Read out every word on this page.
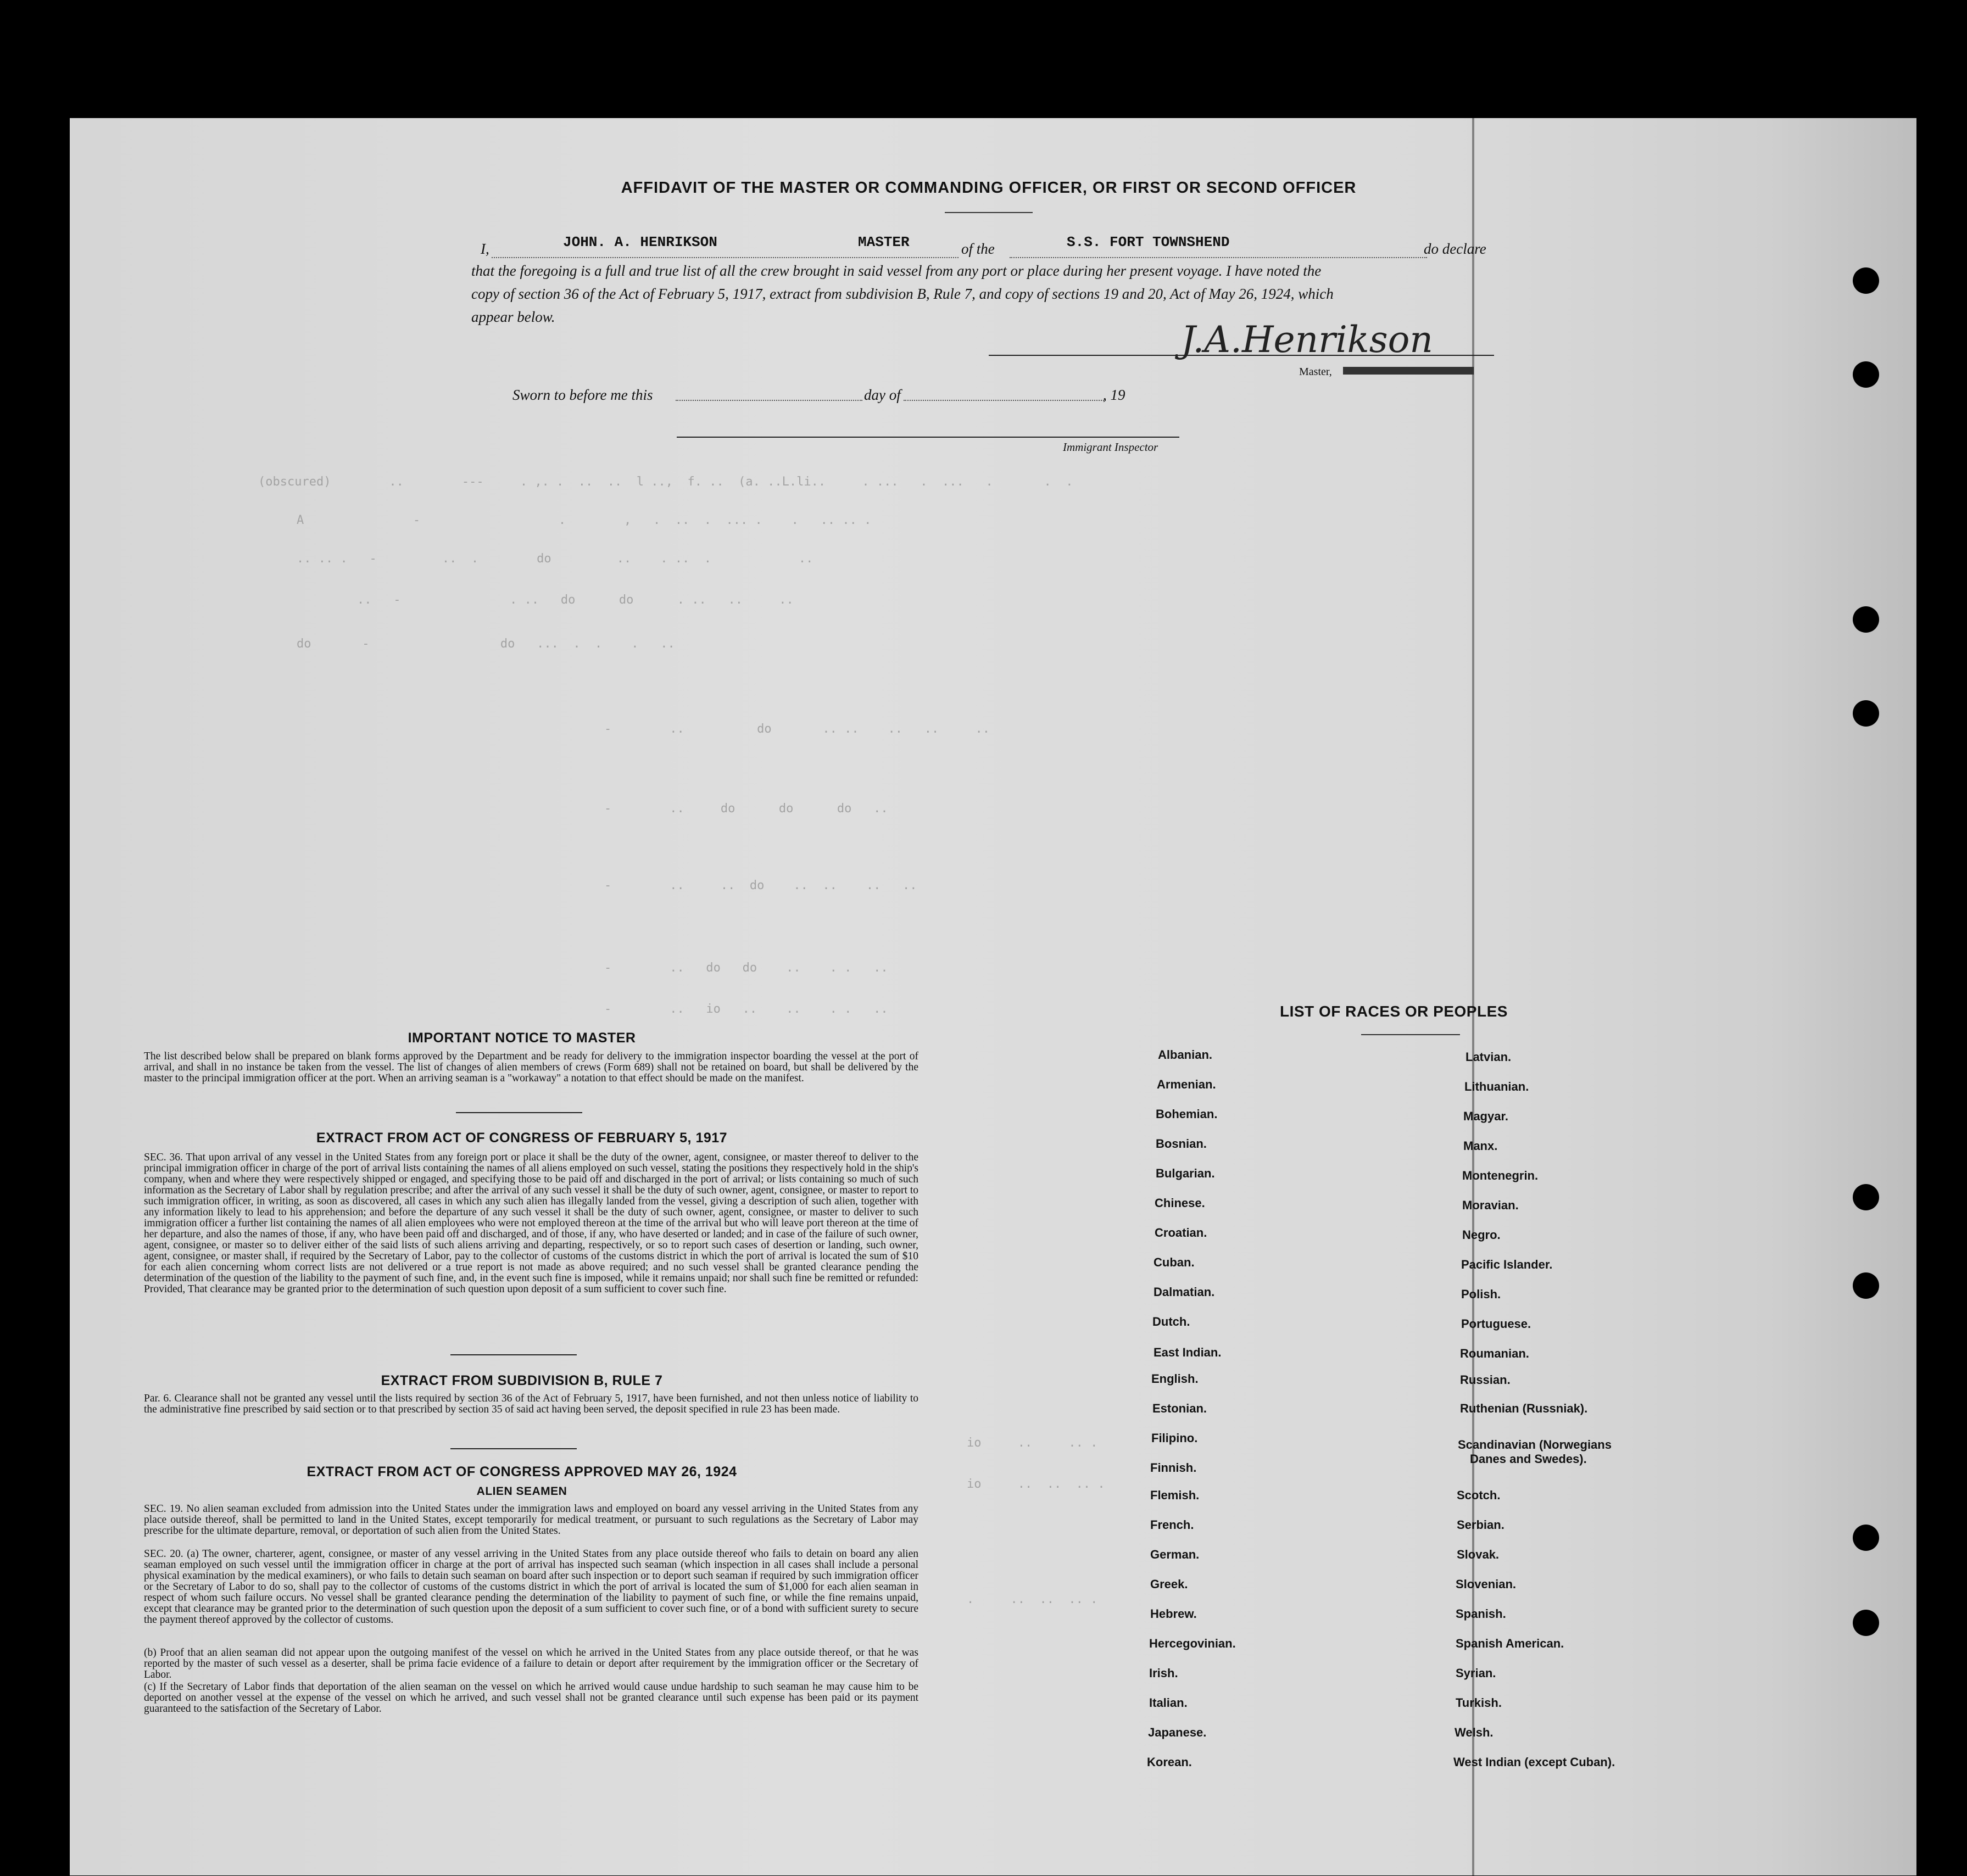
AFFIDAVIT OF THE MASTER OR COMMANDING OFFICER, OR FIRST OR SECOND OFFICER
I,	JOHN. A. HENRIKSON	MASTER	of the	S.S. FORT TOWNSHEND	do declare
that the foregoing is a full and true list of all the crew brought in said vessel from any port or place during her present voyage. I have noted the
copy of section 36 of the Act of February 5, 1917, extract from subdivision B, Rule 7, and copy of sections 19 and 20, Act of May 26, 1924, which
appear below.
J.A.Henrikson
Master,
Sworn to before me this	day of	, 19
Immigrant Inspector
(obscured)        ..        ---     . ,. .  ..  ..  l ..,  f. ..  (a. ..L.li..     . ...   .  ...   .       .  .
A               -                   .        ,   .  ..  .  ... .    .   .. .. .
.. .. .   -         ..  .        do         ..    . ..  .            ..
..   -               . ..   do      do      . ..   ..     ..
do       -                  do   ...  .  .    .   ..
-        ..          do       .. ..    ..   ..     ..
-        ..     do      do      do   ..
-        ..     ..  do    ..  ..    ..   ..
-        ..   do   do    ..    . .   ..
-        ..   io   ..    ..    . .   ..
io     ..     .. .
io     ..  ..  .. .
.     ..  ..  .. .
IMPORTANT NOTICE TO MASTER
The list described below shall be prepared on blank forms approved by the Department and be ready for delivery to the immigration inspector boarding the vessel at the port of arrival, and shall in no instance be taken from the vessel. The list of changes of alien members of crews (Form 689) shall not be retained on board, but shall be delivered by the master to the principal immigration officer at the port. When an arriving seaman is a "workaway" a notation to that effect should be made on the manifest.
EXTRACT FROM ACT OF CONGRESS OF FEBRUARY 5, 1917
SEC. 36. That upon arrival of any vessel in the United States from any foreign port or place it shall be the duty of the owner, agent, consignee, or master thereof to deliver to the principal immigration officer in charge of the port of arrival lists containing the names of all aliens employed on such vessel, stating the positions they respectively hold in the ship's company, when and where they were respectively shipped or engaged, and specifying those to be paid off and discharged in the port of arrival; or lists containing so much of such information as the Secretary of Labor shall by regulation prescribe; and after the arrival of any such vessel it shall be the duty of such owner, agent, consignee, or master to report to such immigration officer, in writing, as soon as discovered, all cases in which any such alien has illegally landed from the vessel, giving a description of such alien, together with any information likely to lead to his apprehension; and before the departure of any such vessel it shall be the duty of such owner, agent, consignee, or master to deliver to such immigration officer a further list containing the names of all alien employees who were not employed thereon at the time of the arrival but who will leave port thereon at the time of her departure, and also the names of those, if any, who have been paid off and discharged, and of those, if any, who have deserted or landed; and in case of the failure of such owner, agent, consignee, or master so to deliver either of the said lists of such aliens arriving and departing, respectively, or so to report such cases of desertion or landing, such owner, agent, consignee, or master shall, if required by the Secretary of Labor, pay to the collector of customs of the customs district in which the port of arrival is located the sum of $10 for each alien concerning whom correct lists are not delivered or a true report is not made as above required; and no such vessel shall be granted clearance pending the determination of the question of the liability to the payment of such fine, and, in the event such fine is imposed, while it remains unpaid; nor shall such fine be remitted or refunded: Provided, That clearance may be granted prior to the determination of such question upon deposit of a sum sufficient to cover such fine.
EXTRACT FROM SUBDIVISION B, RULE 7
Par. 6. Clearance shall not be granted any vessel until the lists required by section 36 of the Act of February 5, 1917, have been furnished, and not then unless notice of liability to the administrative fine prescribed by said section or to that prescribed by section 35 of said act having been served, the deposit specified in rule 23 has been made.
EXTRACT FROM ACT OF CONGRESS APPROVED MAY 26, 1924
ALIEN SEAMEN
SEC. 19. No alien seaman excluded from admission into the United States under the immigration laws and employed on board any vessel arriving in the United States from any place outside thereof, shall be permitted to land in the United States, except temporarily for medical treatment, or pursuant to such regulations as the Secretary of Labor may prescribe for the ultimate departure, removal, or deportation of such alien from the United States.
SEC. 20. (a) The owner, charterer, agent, consignee, or master of any vessel arriving in the United States from any place outside thereof who fails to detain on board any alien seaman employed on such vessel until the immigration officer in charge at the port of arrival has inspected such seaman (which inspection in all cases shall include a personal physical examination by the medical examiners), or who fails to detain such seaman on board after such inspection or to deport such seaman if required by such immigration officer or the Secretary of Labor to do so, shall pay to the collector of customs of the customs district in which the port of arrival is located the sum of $1,000 for each alien seaman in respect of whom such failure occurs. No vessel shall be granted clearance pending the determination of the liability to payment of such fine, or while the fine remains unpaid, except that clearance may be granted prior to the determination of such question upon the deposit of a sum sufficient to cover such fine, or of a bond with sufficient surety to secure the payment thereof approved by the collector of customs.
(b) Proof that an alien seaman did not appear upon the outgoing manifest of the vessel on which he arrived in the United States from any place outside thereof, or that he was reported by the master of such vessel as a deserter, shall be prima facie evidence of a failure to detain or deport after requirement by the immigration officer or the Secretary of Labor.
(c) If the Secretary of Labor finds that deportation of the alien seaman on the vessel on which he arrived would cause undue hardship to such seaman he may cause him to be deported on another vessel at the expense of the vessel on which he arrived, and such vessel shall not be granted clearance until such expense has been paid or its payment guaranteed to the satisfaction of the Secretary of Labor.
LIST OF RACES OR PEOPLES
Albanian.
Armenian.
Bohemian.
Bosnian.
Bulgarian.
Chinese.
Croatian.
Cuban.
Dalmatian.
Dutch.
East Indian.
English.
Estonian.
Filipino.
Finnish.
Flemish.
French.
German.
Greek.
Hebrew.
Hercegovinian.
Irish.
Italian.
Japanese.
Korean.
Latvian.
Lithuanian.
Magyar.
Manx.
Montenegrin.
Moravian.
Negro.
Pacific Islander.
Polish.
Portuguese.
Roumanian.
Russian.
Ruthenian (Russniak).
Scandinavian (Norwegians
Danes and Swedes).
Scotch.
Serbian.
Slovak.
Slovenian.
Spanish.
Spanish American.
Syrian.
Turkish.
Welsh.
West Indian (except Cuban).
